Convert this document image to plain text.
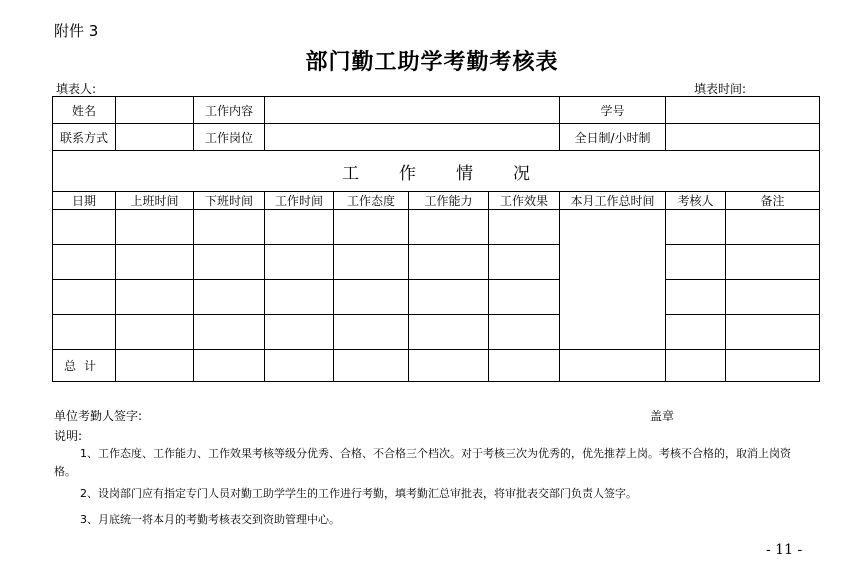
附件 3
部门勤工助学考勤考核表
填表人:	填表时间:
姓名		工作内容					学号		
联系方式		工作岗位					全日制/小时制		
工作情况									
日期	上班时间	下班时间	工作时间	工作态度	工作能力	工作效果	本月工作总时间	考核人	备注

总计									
单位考勤人签字:	盖章
说明:
1、工作态度、工作能力、工作效果考核等级分优秀、合格、不合格三个档次。对于考核三次为优秀的，优先推荐上岗。考核不合格的，取消上岗资格。
2、设岗部门应有指定专门人员对勤工助学学生的工作进行考勤，填考勤汇总审批表，将审批表交部门负责人签字。
3、月底统一将本月的考勤考核表交到资助管理中心。
- 11 -
